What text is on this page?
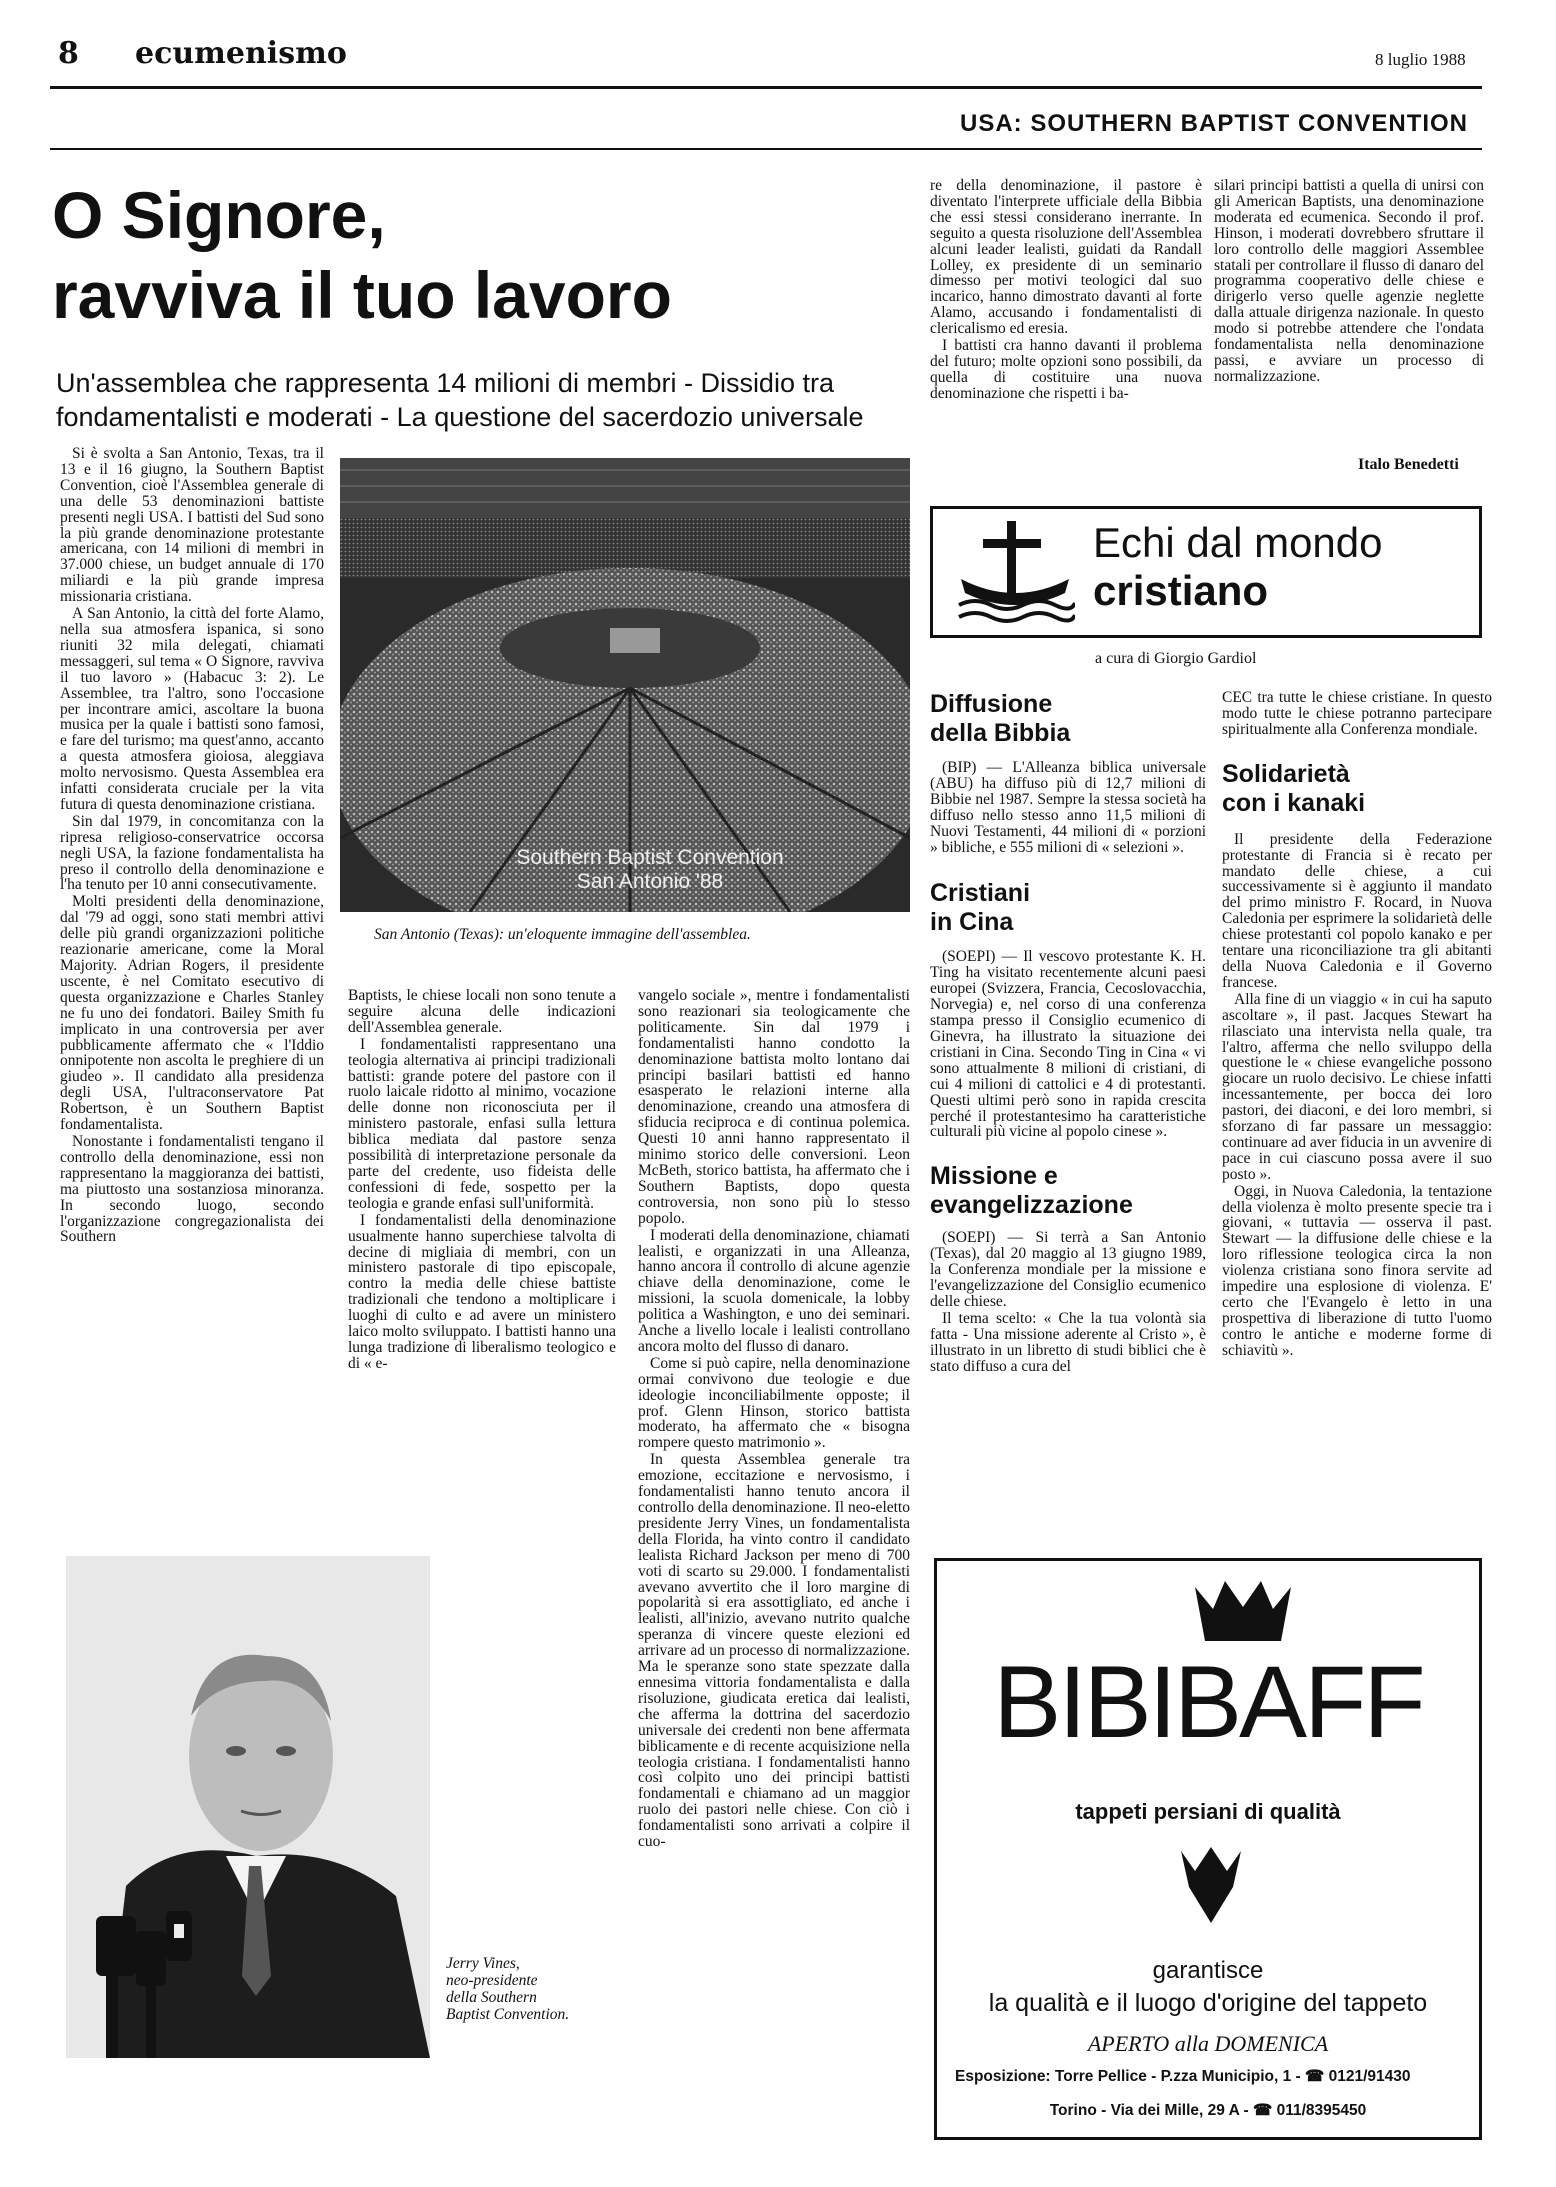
8 ecumenismo	8 luglio 1988
USA: SOUTHERN BAPTIST CONVENTION
O Signore,
ravviva il tuo lavoro
Un'assemblea che rappresenta 14 milioni di membri - Dissidio tra
fondamentalisti e moderati - La questione del sacerdozio universale

Si è svolta a San Antonio, Texas, tra il 13 e il 16 giugno, la Southern Baptist Convention, cioè l'Assemblea generale di una delle 53 denominazioni battiste presenti negli USA. I battisti del Sud sono la più grande denominazione protestante americana, con 14 milioni di membri in 37.000 chiese, un budget annuale di 170 miliardi e la più grande impresa missionaria cristiana.

A San Antonio, la città del forte Alamo, nella sua atmosfera ispanica, si sono riuniti 32 mila delegati, chiamati messaggeri, sul tema « O Signore, ravviva il tuo lavoro » (Habacuc 3: 2). Le Assemblee, tra l'altro, sono l'occasione per incontrare amici, ascoltare la buona musica per la quale i battisti sono famosi, e fare del turismo; ma quest'anno, accanto a questa atmosfera gioiosa, aleggiava molto nervosismo. Questa Assemblea era infatti considerata cruciale per la vita futura di questa denominazione cristiana.

Sin dal 1979, in concomitanza con la ripresa religioso-conservatrice occorsa negli USA, la fazione fondamentalista ha preso il controllo della denominazione e l'ha tenuto per 10 anni consecutivamente.

Molti presidenti della denominazione, dal '79 ad oggi, sono stati membri attivi delle più grandi organizzazioni politiche reazionarie americane, come la Moral Majority. Adrian Rogers, il presidente uscente, è nel Comitato esecutivo di questa organizzazione e Charles Stanley ne fu uno dei fondatori. Bailey Smith fu implicato in una controversia per aver pubblicamente affermato che « l'Iddio onnipotente non ascolta le preghiere di un giudeo ». Il candidato alla presidenza degli USA, l'ultraconservatore Pat Robertson, è un Southern Baptist fondamentalista.

Nonostante i fondamentalisti tengano il controllo della denominazione, essi non rappresentano la maggioranza dei battisti, ma piuttosto una sostanziosa minoranza. In secondo luogo, secondo l'organizzazione congregazionalista dei Southern

Southern Baptist Convention
San Antonio '88
San Antonio (Texas): un'eloquente immagine dell'assemblea.

Baptists, le chiese locali non sono tenute a seguire alcuna delle indicazioni dell'Assemblea generale.

I fondamentalisti rappresentano una teologia alternativa ai principi tradizionali battisti: grande potere del pastore con il ruolo laicale ridotto al minimo, vocazione delle donne non riconosciuta per il ministero pastorale, enfasi sulla lettura biblica mediata dal pastore senza possibilità di interpretazione personale da parte del credente, uso fideista delle confessioni di fede, sospetto per la teologia e grande enfasi sull'uniformità.

I fondamentalisti della denominazione usualmente hanno superchiese talvolta di decine di migliaia di membri, con un ministero pastorale di tipo episcopale, contro la media delle chiese battiste tradizionali che tendono a moltiplicare i luoghi di culto e ad avere un ministero laico molto sviluppato. I battisti hanno una lunga tradizione di liberalismo teologico e di « e-

vangelo sociale », mentre i fondamentalisti sono reazionari sia teologicamente che politicamente. Sin dal 1979 i fondamentalisti hanno condotto la denominazione battista molto lontano dai principi basilari battisti ed hanno esasperato le relazioni interne alla denominazione, creando una atmosfera di sfiducia reciproca e di continua polemica. Questi 10 anni hanno rappresentato il minimo storico delle conversioni. Leon McBeth, storico battista, ha affermato che i Southern Baptists, dopo questa controversia, non sono più lo stesso popolo.

I moderati della denominazione, chiamati lealisti, e organizzati in una Alleanza, hanno ancora il controllo di alcune agenzie chiave della denominazione, come le missioni, la scuola domenicale, la lobby politica a Washington, e uno dei seminari. Anche a livello locale i lealisti controllano ancora molto del flusso di danaro.

Come si può capire, nella denominazione ormai convivono due teologie e due ideologie inconciliabilmente opposte; il prof. Glenn Hinson, storico battista moderato, ha affermato che « bisogna rompere questo matrimonio ».

In questa Assemblea generale tra emozione, eccitazione e nervosismo, i fondamentalisti hanno tenuto ancora il controllo della denominazione. Il neo-eletto presidente Jerry Vines, un fondamentalista della Florida, ha vinto contro il candidato lealista Richard Jackson per meno di 700 voti di scarto su 29.000. I fondamentalisti avevano avvertito che il loro margine di popolarità si era assottigliato, ed anche i lealisti, all'inizio, avevano nutrito qualche speranza di vincere queste elezioni ed arrivare ad un processo di normalizzazione. Ma le speranze sono state spezzate dalla ennesima vittoria fondamentalista e dalla risoluzione, giudicata eretica dai lealisti, che afferma la dottrina del sacerdozio universale dei credenti non bene affermata biblicamente e di recente acquisizione nella teologia cristiana. I fondamentalisti hanno così colpito uno dei principi battisti fondamentali e chiamano ad un maggior ruolo dei pastori nelle chiese. Con ciò i fondamentalisti sono arrivati a colpire il cuo-

Jerry Vines,
neo-presidente
della Southern
Baptist Convention.

re della denominazione, il pastore è diventato l'interprete ufficiale della Bibbia che essi stessi considerano inerrante. In seguito a questa risoluzione dell'Assemblea alcuni leader lealisti, guidati da Randall Lolley, ex presidente di un seminario dimesso per motivi teologici dal suo incarico, hanno dimostrato davanti al forte Alamo, accusando i fondamentalisti di clericalismo ed eresia.

I battisti cra hanno davanti il problema del futuro; molte opzioni sono possibili, da quella di costituire una nuova denominazione che rispetti i ba-

silari principi battisti a quella di unirsi con gli American Baptists, una denominazione moderata ed ecumenica. Secondo il prof. Hinson, i moderati dovrebbero sfruttare il loro controllo delle maggiori Assemblee statali per controllare il flusso di danaro del programma cooperativo delle chiese e dirigerlo verso quelle agenzie neglette dalla attuale dirigenza nazionale. In questo modo si potrebbe attendere che l'ondata fondamentalista nella denominazione passi, e avviare un processo di normalizzazione.

Italo Benedetti
Echi dal mondo
cristiano
a cura di Giorgio Gardiol
Diffusione
della Bibbia

(BIP) — L'Alleanza biblica universale (ABU) ha diffuso più di 12,7 milioni di Bibbie nel 1987. Sempre la stessa società ha diffuso nello stesso anno 11,5 milioni di Nuovi Testamenti, 44 milioni di « porzioni » bibliche, e 555 milioni di « selezioni ».

Cristiani
in Cina

(SOEPI) — Il vescovo protestante K. H. Ting ha visitato recentemente alcuni paesi europei (Svizzera, Francia, Cecoslovacchia, Norvegia) e, nel corso di una conferenza stampa presso il Consiglio ecumenico di Ginevra, ha illustrato la situazione dei cristiani in Cina. Secondo Ting in Cina « vi sono attualmente 8 milioni di cristiani, di cui 4 milioni di cattolici e 4 di protestanti. Questi ultimi però sono in rapida crescita perché il protestantesimo ha caratteristiche culturali più vicine al popolo cinese ».

Missione e
evangelizzazione

(SOEPI) — Si terrà a San Antonio (Texas), dal 20 maggio al 13 giugno 1989, la Conferenza mondiale per la missione e l'evangelizzazione del Consiglio ecumenico delle chiese.

Il tema scelto: « Che la tua volontà sia fatta - Una missione aderente al Cristo », è illustrato in un libretto di studi biblici che è stato diffuso a cura del

CEC tra tutte le chiese cristiane. In questo modo tutte le chiese potranno partecipare spiritualmente alla Conferenza mondiale.

Solidarietà
con i kanaki

Il presidente della Federazione protestante di Francia si è recato per mandato delle chiese, a cui successivamente si è aggiunto il mandato del primo ministro F. Rocard, in Nuova Caledonia per esprimere la solidarietà delle chiese protestanti col popolo kanako e per tentare una riconciliazione tra gli abitanti della Nuova Caledonia e il Governo francese.

Alla fine di un viaggio « in cui ha saputo ascoltare », il past. Jacques Stewart ha rilasciato una intervista nella quale, tra l'altro, afferma che nello sviluppo della questione le « chiese evangeliche possono giocare un ruolo decisivo. Le chiese infatti incessantemente, per bocca dei loro pastori, dei diaconi, e dei loro membri, si sforzano di far passare un messaggio: continuare ad aver fiducia in un avvenire di pace in cui ciascuno possa avere il suo posto ».

Oggi, in Nuova Caledonia, la tentazione della violenza è molto presente specie tra i giovani, « tuttavia — osserva il past. Stewart — la diffusione delle chiese e la loro riflessione teologica circa la non violenza cristiana sono finora servite ad impedire una esplosione di violenza. E' certo che l'Evangelo è letto in una prospettiva di liberazione di tutto l'uomo contro le antiche e moderne forme di schiavitù ».

BIBIBAFF
tappeti persiani di qualità
garantisce
la qualità e il luogo d'origine del tappeto
APERTO alla DOMENICA
Esposizione: Torre Pellice - P.zza Municipio, 1 - ☎ 0121/91430
Torino - Via dei Mille, 29 A - ☎ 011/8395450
